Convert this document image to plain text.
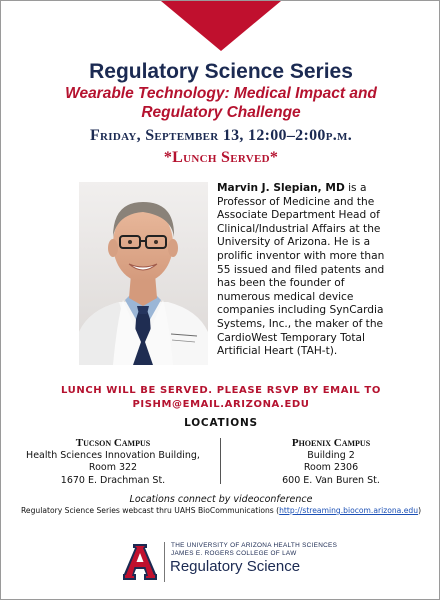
Regulatory Science Series
Wearable Technology: Medical Impact and
Regulatory Challenge
Friday, September 13, 12:00–2:00p.m.
*Lunch Served*
Marvin J. Slepian, MD is a Professor of Medicine and the Associate Department Head of Clinical/Industrial Affairs at the University of Arizona. He is a prolific inventor with more than 55 issued and filed patents and has been the founder of numerous medical device companies including SynCardia Systems, Inc., the maker of the CardioWest Temporary Total Artificial Heart (TAH-t).
LUNCH WILL BE SERVED. PLEASE RSVP BY EMAIL TO
PISHM@EMAIL.ARIZONA.EDU
LOCATIONS
Tucson Campus
Health Sciences Innovation Building,
Room 322
1670 E. Drachman St.
Phoenix Campus
Building 2
Room 2306
600 E. Van Buren St.
Locations connect by videoconference
Regulatory Science Series webcast thru UAHS BioCommunications (http://streaming.biocom.arizona.edu)
THE UNIVERSITY OF ARIZONA HEALTH SCIENCES
JAMES E. ROGERS COLLEGE OF LAW
Regulatory Science
